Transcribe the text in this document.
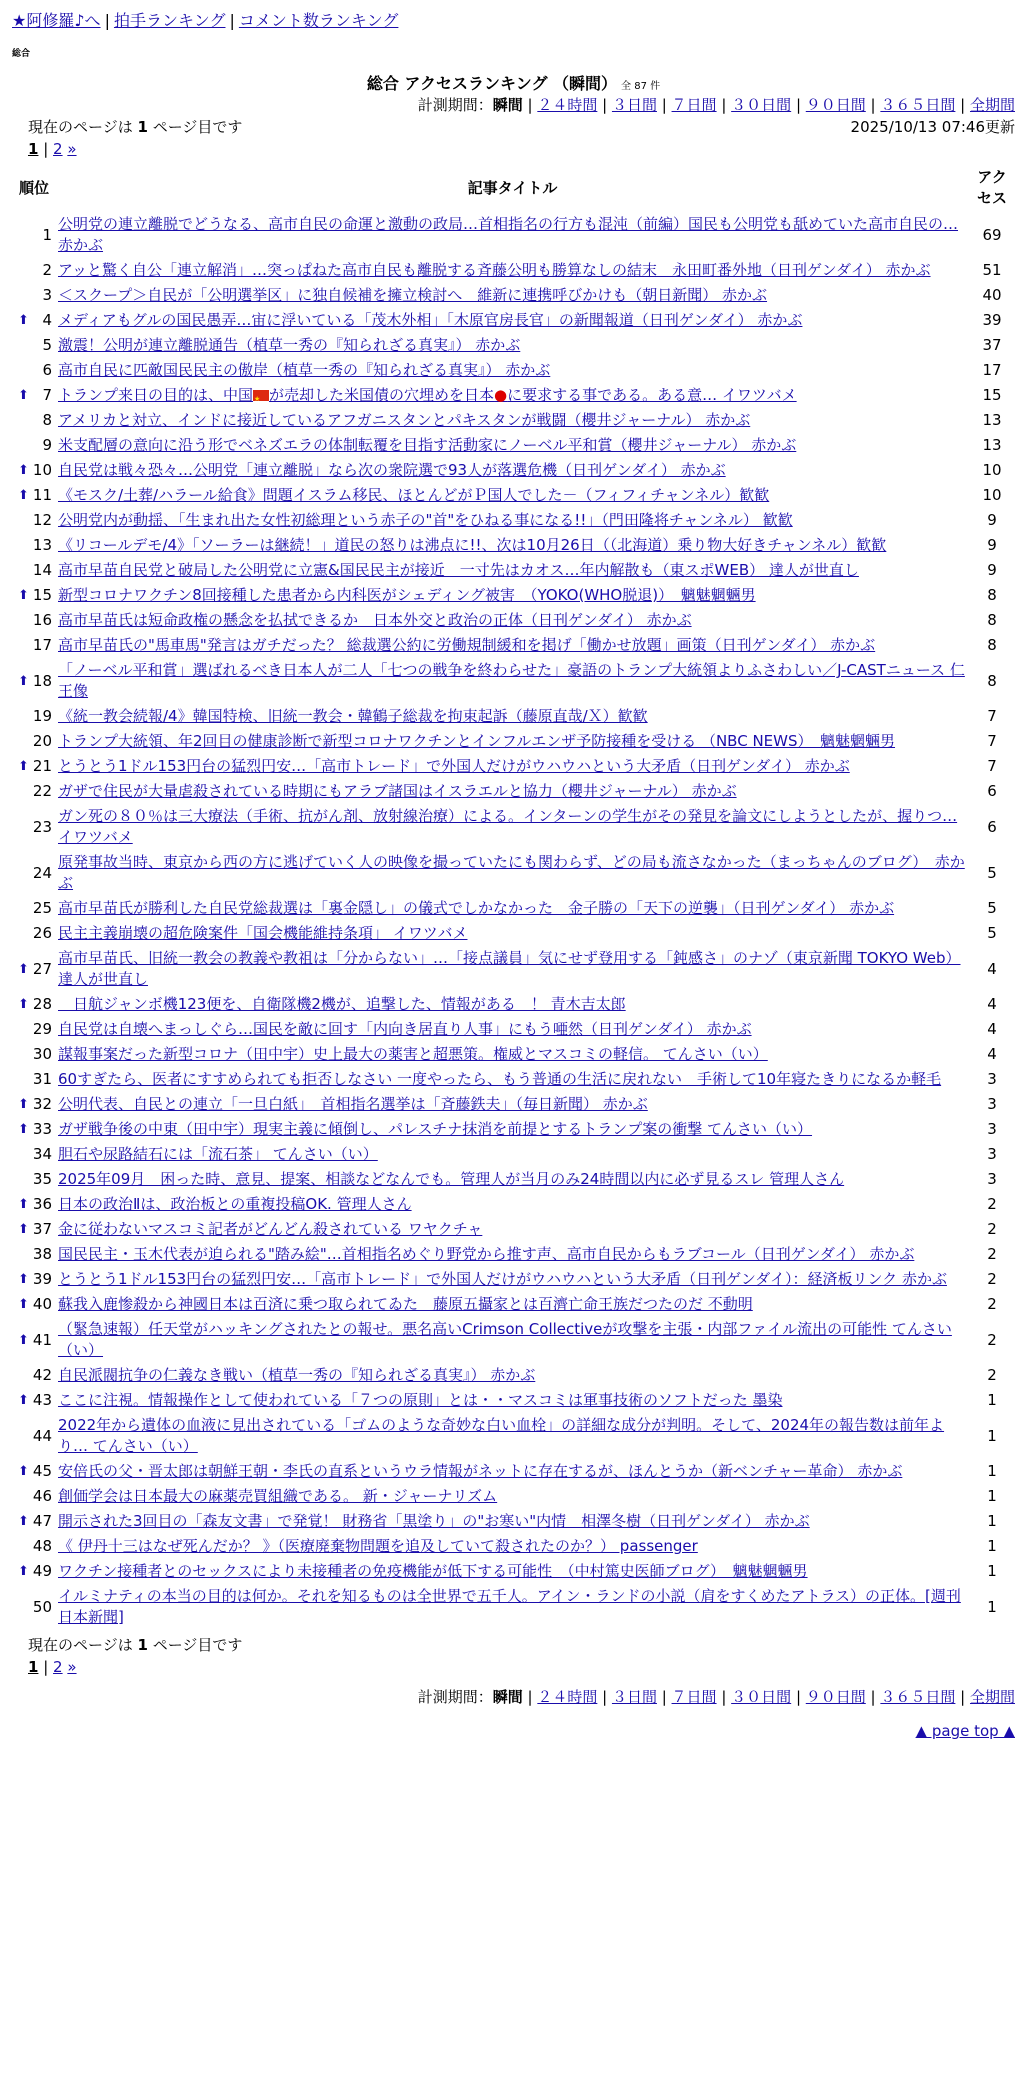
★阿修羅♪へ | 拍手ランキング | コメント数ランキング
総合
総合 アクセスランキング （瞬間） 全 87 件
計測期間：瞬間 | ２４時間 | ３日間 | ７日間 | ３０日間 | ９０日間 | ３６５日間 | 全期間
現在のページは 1 ページ目です	2025/10/13 07:46更新
1 | 2 »
順位	記事タイトル	アクセス
1	公明党の連立離脱でどうなる、高市自民の命運と激動の政局…首相指名の行方も混沌（前編）国民も公明党も舐めていた高市自民の… 赤かぶ	69
2	アッと驚く自公「連立解消」…突っぱねた高市自民も離脱する斉藤公明も勝算なしの結末　永田町番外地（日刊ゲンダイ） 赤かぶ	51
3	＜スクープ＞自民が「公明選挙区」に独自候補を擁立検討へ　維新に連携呼びかけも（朝日新聞） 赤かぶ	40

⬆ 4	メディアもグルの国民愚弄…宙に浮いている「茂木外相」「木原官房長官」の新聞報道（日刊ゲンダイ） 赤かぶ	39
5	激震！公明が連立離脱通告（植草一秀の『知られざる真実』） 赤かぶ	37
6	高市自民に匹敵国民民主の傲岸（植草一秀の『知られざる真実』） 赤かぶ	17

⬆ 7	トランプ来日の目的は、中国 ★ が売却した米国債の穴埋めを日本●に要求する事である。ある意… イワツバメ	15
8	アメリカと対立、インドに接近しているアフガニスタンとパキスタンが戦闘（櫻井ジャーナル） 赤かぶ	13
9	米支配層の意向に沿う形でベネズエラの体制転覆を目指す活動家にノーベル平和賞（櫻井ジャーナル） 赤かぶ	13

⬆ 10	自民党は戦々恐々…公明党「連立離脱」なら次の衆院選で93人が落選危機（日刊ゲンダイ） 赤かぶ	10

⬆ 11	《モスク/土葬/ハラール給食》問題イスラム移民、ほとんどがＰ国人でした－（フィフィチャンネル）歓歓	10
12	公明党内が動揺、「生まれ出た女性初総理という赤子の"首"をひねる事になる!!」（門田隆将チャンネル） 歓歓	9
13	《リコールデモ/4》「ソーラーは継続！」道民の怒りは沸点に!!、次は10月26日（（北海道）乗り物大好きチャンネル）歓歓	9
14	高市早苗自民党と破局した公明党に立憲&国民民主が接近　一寸先はカオス…年内解散も（東スポWEB） 達人が世直し	9

⬆ 15	新型コロナワクチン8回接種した患者から内科医がシェディング被害　（YOKO(WHO脱退)）　魑魅魍魎男	8
16	高市早苗氏は短命政権の懸念を払拭できるか　日本外交と政治の正体（日刊ゲンダイ） 赤かぶ	8
17	高市早苗氏の"馬車馬"発言はガチだった？ 総裁選公約に労働規制緩和を掲げ「働かせ放題」画策（日刊ゲンダイ） 赤かぶ	8

⬆ 18	「ノーベル平和賞」選ばれるべき日本人が二人「七つの戦争を終わらせた」豪語のトランプ大統領よりふさわしい／J-CASTニュース 仁王像	8
19	《統一教会続報/4》韓国特検、旧統一教会・韓鶴子総裁を拘束起訴（藤原直哉/Ｘ）歓歓	7
20	トランプ大統領、年2回目の健康診断で新型コロナワクチンとインフルエンザ予防接種を受ける （NBC NEWS）　魑魅魍魎男	7

⬆ 21	とうとう1ドル153円台の猛烈円安…「高市トレード」で外国人だけがウハウハという大矛盾（日刊ゲンダイ） 赤かぶ	7
22	ガザで住民が大量虐殺されている時期にもアラブ諸国はイスラエルと協力（櫻井ジャーナル） 赤かぶ	6
23	ガン死の８０％は三大療法（手術、抗がん剤、放射線治療）による。インターンの学生がその発見を論文にしようとしたが、握りつ… イワツバメ	6
24	原発事故当時、東京から西の方に逃げていく人の映像を撮っていたにも関わらず、どの局も流さなかった（まっちゃんのブログ）　赤かぶ	5
25	高市早苗氏が勝利した自民党総裁選は「裏金隠し」の儀式でしかなかった　金子勝の「天下の逆襲」（日刊ゲンダイ） 赤かぶ	5
26	民主主義崩壊の超危険案件「国会機能維持条項」 イワツバメ	5

⬆ 27	高市早苗氏、旧統一教会の教義や教祖は「分からない」…「接点議員」気にせず登用する「鈍感さ」のナゾ（東京新聞 TOKYO Web） 達人が世直し	4

⬆ 28	　日航ジャンボ機123便を、自衛隊機2機が、追撃した、情報がある　！ 青木吉太郎	4
29	自民党は自壊へまっしぐら…国民を敵に回す「内向き居直り人事」にもう唖然（日刊ゲンダイ） 赤かぶ	4
30	謀報事案だった新型コロナ（田中宇）史上最大の薬害と超悪策。権威とマスコミの軽信。 てんさい（い）	4
31	60すぎたら、医者にすすめられても拒否しなさい 一度やったら、もう普通の生活に戻れない　手術して10年寝たきりになるか軽毛	3

⬆ 32	公明代表、自民との連立「一旦白紙」　首相指名選挙は「斉藤鉄夫」（毎日新聞） 赤かぶ	3

⬆ 33	ガザ戦争後の中東（田中宇）現実主義に傾倒し、パレスチナ抹消を前提とするトランプ案の衝撃 てんさい（い）	3
34	胆石や尿路結石には「流石茶」 てんさい（い）	3
35	2025年09月　困った時、意見、提案、相談などなんでも。管理人が当月のみ24時間以内に必ず見るスレ 管理人さん	3

⬆ 36	日本の政治Ⅱは、政治板との重複投稿OK. 管理人さん	2

⬆ 37	金に従わないマスコミ記者がどんどん殺されている ワヤクチャ	2
38	国民民主・玉木代表が迫られる"踏み絵"…首相指名めぐり野党から推す声、高市自民からもラブコール（日刊ゲンダイ） 赤かぶ	2

⬆ 39	とうとう1ドル153円台の猛烈円安…「高市トレード」で外国人だけがウハウハという大矛盾（日刊ゲンダイ）：経済板リンク 赤かぶ	2

⬆ 40	蘇我入鹿惨殺から神國日本は百済に乗つ取られてゐた　藤原五攝家とは百濟亡命王族だつたのだ 不動明	2

⬆ 41	（緊急速報）任天堂がハッキングされたとの報せ。悪名高いCrimson Collectiveが攻撃を主張・内部ファイル流出の可能性 てんさい（い）	2
42	自民派閥抗争の仁義なき戦い（植草一秀の『知られざる真実』） 赤かぶ	2

⬆ 43	ここに注視。情報操作として使われている「７つの原則」とは・・マスコミは軍事技術のソフトだった 墨染	1
44	2022年から遺体の血液に見出されている「ゴムのような奇妙な白い血栓」の詳細な成分が判明。そして、2024年の報告数は前年より… てんさい（い）	1

⬆ 45	安倍氏の父・晋太郎は朝鮮王朝・李氏の直系というウラ情報がネットに存在するが、ほんとうか（新ベンチャー革命） 赤かぶ	1
46	創価学会は日本最大の麻薬売買組織である。 新・ジャーナリズム	1

⬆ 47	開示された3回目の「森友文書」で発覚！ 財務省「黒塗り」の"お寒い"内情　相澤冬樹（日刊ゲンダイ） 赤かぶ	1
48	《 伊丹十三はなぜ死んだか？ 》（医療廃棄物問題を追及していて殺されたのか？） passenger	1

⬆ 49	ワクチン接種者とのセックスにより未接種者の免疫機能が低下する可能性　（中村篤史医師ブログ）　魑魅魍魎男	1
50	イルミナティの本当の目的は何か。それを知るものは全世界で五千人。アイン・ランドの小説（肩をすくめたアトラス）の正体。[週刊日本新聞]	1
現在のページは 1 ページ目です
1 | 2 »
計測期間：瞬間 | ２４時間 | ３日間 | ７日間 | ３０日間 | ９０日間 | ３６５日間 | 全期間
▲ page top ▲
